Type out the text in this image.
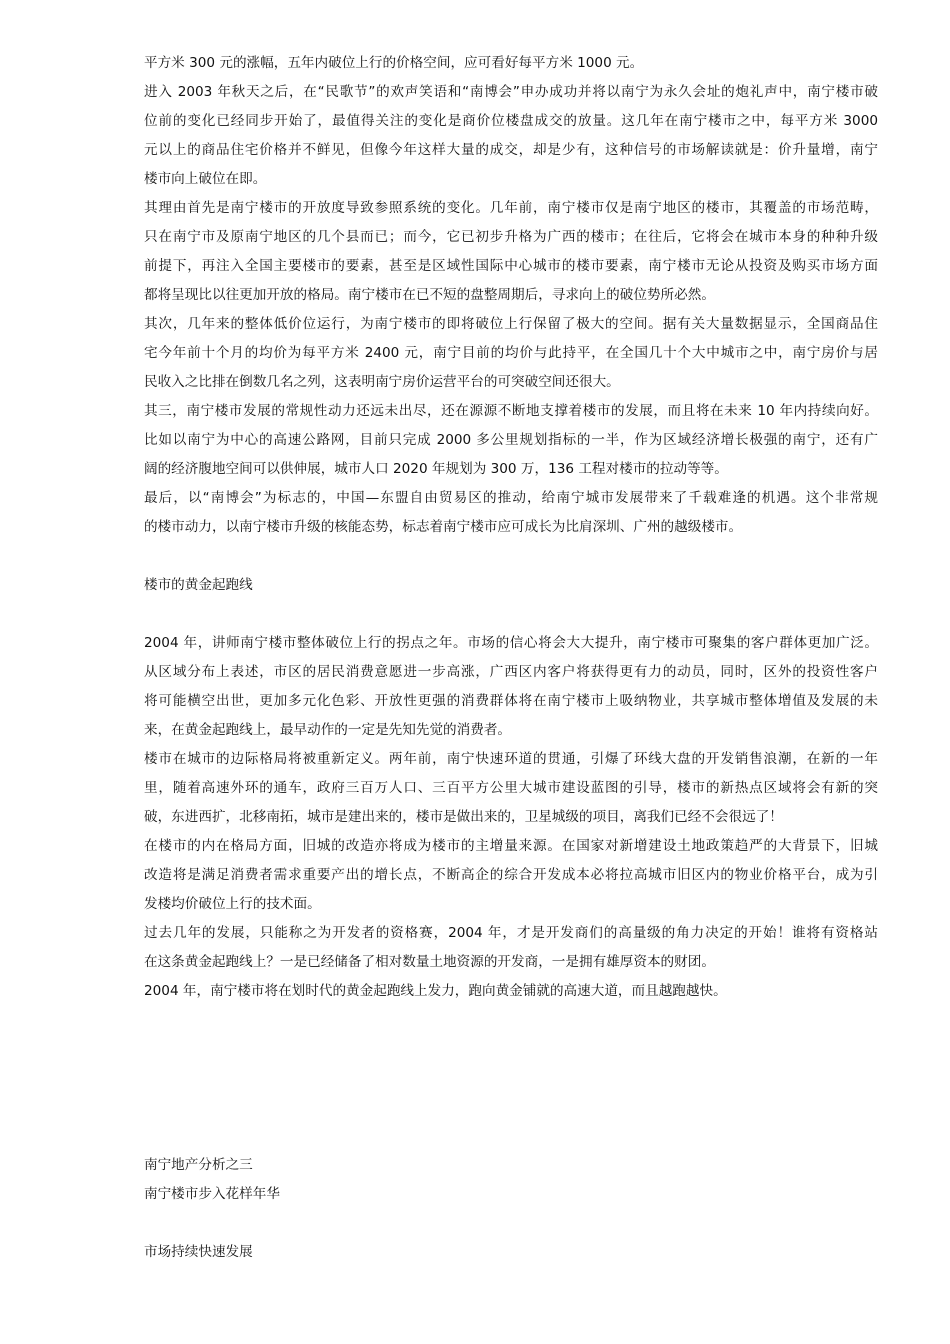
平方米 300 元的涨幅，五年内破位上行的价格空间，应可看好每平方米 1000 元。
进入 2003 年秋天之后，在“民歌节”的欢声笑语和“南博会”申办成功并将以南宁为永久会址的炮礼声中，南宁楼市破
位前的变化已经同步开始了，最值得关注的变化是商价位楼盘成交的放量。这几年在南宁楼市之中，每平方米 3000
元以上的商品住宅价格并不鲜见，但像今年这样大量的成交，却是少有，这种信号的市场解读就是：价升量增，南宁
楼市向上破位在即。
其理由首先是南宁楼市的开放度导致参照系统的变化。几年前，南宁楼市仅是南宁地区的楼市，其覆盖的市场范畴，
只在南宁市及原南宁地区的几个县而已；而今，它已初步升格为广西的楼市；在往后，它将会在城市本身的种种升级
前提下，再注入全国主要楼市的要素，甚至是区域性国际中心城市的楼市要素，南宁楼市无论从投资及购买市场方面
都将呈现比以往更加开放的格局。南宁楼市在已不短的盘整周期后，寻求向上的破位势所必然。
其次，几年来的整体低价位运行，为南宁楼市的即将破位上行保留了极大的空间。据有关大量数据显示，全国商品住
宅今年前十个月的均价为每平方米 2400 元，南宁目前的均价与此持平，在全国几十个大中城市之中，南宁房价与居
民收入之比排在倒数几名之列，这表明南宁房价运营平台的可突破空间还很大。
其三，南宁楼市发展的常规性动力还远未出尽，还在源源不断地支撑着楼市的发展，而且将在未来 10 年内持续向好。
比如以南宁为中心的高速公路网，目前只完成 2000 多公里规划指标的一半，作为区域经济增长极强的南宁，还有广
阔的经济腹地空间可以供伸展，城市人口 2020 年规划为 300 万，136 工程对楼市的拉动等等。
最后，以“南博会”为标志的，中国—东盟自由贸易区的推动，给南宁城市发展带来了千载难逢的机遇。这个非常规
的楼市动力，以南宁楼市升级的核能态势，标志着南宁楼市应可成长为比肩深圳、广州的越级楼市。
楼市的黄金起跑线
2004 年，讲师南宁楼市整体破位上行的拐点之年。市场的信心将会大大提升，南宁楼市可聚集的客户群体更加广泛。
从区域分布上表述，市区的居民消费意愿进一步高涨，广西区内客户将获得更有力的动员，同时，区外的投资性客户
将可能横空出世，更加多元化色彩、开放性更强的消费群体将在南宁楼市上吸纳物业，共享城市整体增值及发展的未
来，在黄金起跑线上，最早动作的一定是先知先觉的消费者。
楼市在城市的边际格局将被重新定义。两年前，南宁快速环道的贯通，引爆了环线大盘的开发销售浪潮，在新的一年
里，随着高速外环的通车，政府三百万人口、三百平方公里大城市建设蓝图的引导，楼市的新热点区域将会有新的突
破，东进西扩，北移南拓，城市是建出来的，楼市是做出来的，卫星城级的项目，离我们已经不会很远了！
在楼市的内在格局方面，旧城的改造亦将成为楼市的主增量来源。在国家对新增建设土地政策趋严的大背景下，旧城
改造将是满足消费者需求重要产出的增长点，不断高企的综合开发成本必将拉高城市旧区内的物业价格平台，成为引
发楼均价破位上行的技术面。
过去几年的发展，只能称之为开发者的资格赛，2004 年，才是开发商们的高量级的角力决定的开始！谁将有资格站
在这条黄金起跑线上？一是已经储备了相对数量土地资源的开发商，一是拥有雄厚资本的财团。
2004 年，南宁楼市将在划时代的黄金起跑线上发力，跑向黄金铺就的高速大道，而且越跑越快。
南宁地产分析之三
南宁楼市步入花样年华
市场持续快速发展
